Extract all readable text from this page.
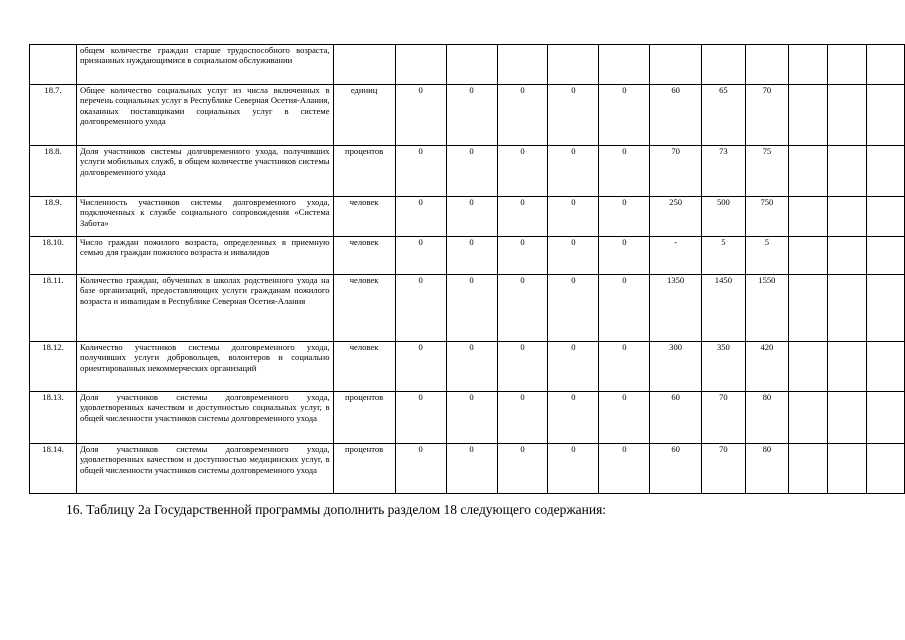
	общем количестве граждан старше трудоспособного возраста, признанных нуждающимися в социальном обслуживании												
18.7.	Общее количество социальных услуг из числа включенных в перечень социальных услуг в Республике Северная Осетия-Алания, оказанных поставщиками социальных услуг в системе долговременного ухода	единиц	0	0	0	0	0	60	65	70			
18.8.	Доля участников системы долговременного ухода, получивших услуги мобильных служб, в общем количестве участников системы долговременного ухода	процентов	0	0	0	0	0	70	73	75			
18.9.	Численность участников системы долговременного ухода, подключенных к службе социального сопровождения «Система Забота»	человек	0	0	0	0	0	250	500	750			
18.10.	Число граждан пожилого возраста, определенных в приемную семью для граждан пожилого возраста и инвалидов	человек	0	0	0	0	0	-	5	5			
18.11.	Количество граждан, обученных в школах родственного ухода на базе организаций, предоставляющих услуги гражданам пожилого возраста и инвалидам в Республике Северная Осетия-Алания	человек	0	0	0	0	0	1350	1450	1550			
18.12.	Количество участников системы долговременного ухода, получивших услуги добровольцев, волонтеров и социально ориентированных некоммерческих организаций	человек	0	0	0	0	0	300	350	420			
18.13.	Доля участников системы долговременного ухода, удовлетворенных качеством и доступностью социальных услуг, в общей численности участников системы долговременного ухода	процентов	0	0	0	0	0	60	70	80			
18.14.	Доля участников системы долговременного ухода, удовлетворенных качеством и доступностью медицинских услуг, в общей численности участников системы долговременного ухода	процентов	0	0	0	0	0	60	70	80			

16. Таблицу 2а Государственной программы дополнить разделом 18 следующего содержания:
